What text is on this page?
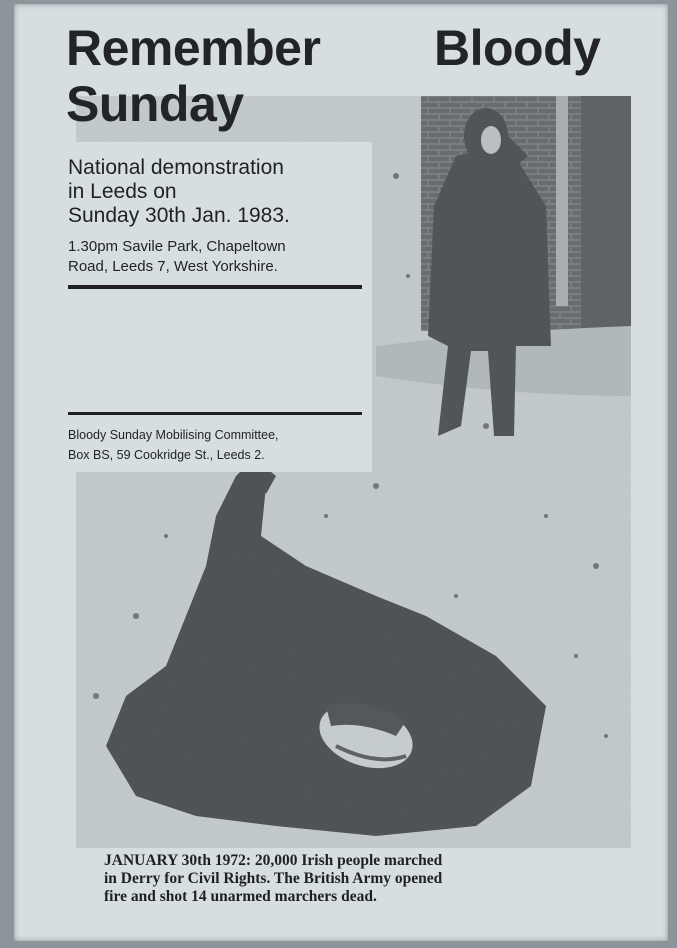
Remember Bloody
Sunday
National demonstration
in Leeds on
Sunday 30th Jan. 1983.

1.30pm Savile Park, Chapeltown
Road, Leeds 7, West Yorkshire.

Bloody Sunday Mobilising Committee,
Box BS, 59 Cookridge St., Leeds 2.

JANUARY 30th 1972: 20,000 Irish people marched
in Derry for Civil Rights. The British Army opened
fire and shot 14 unarmed marchers dead.
